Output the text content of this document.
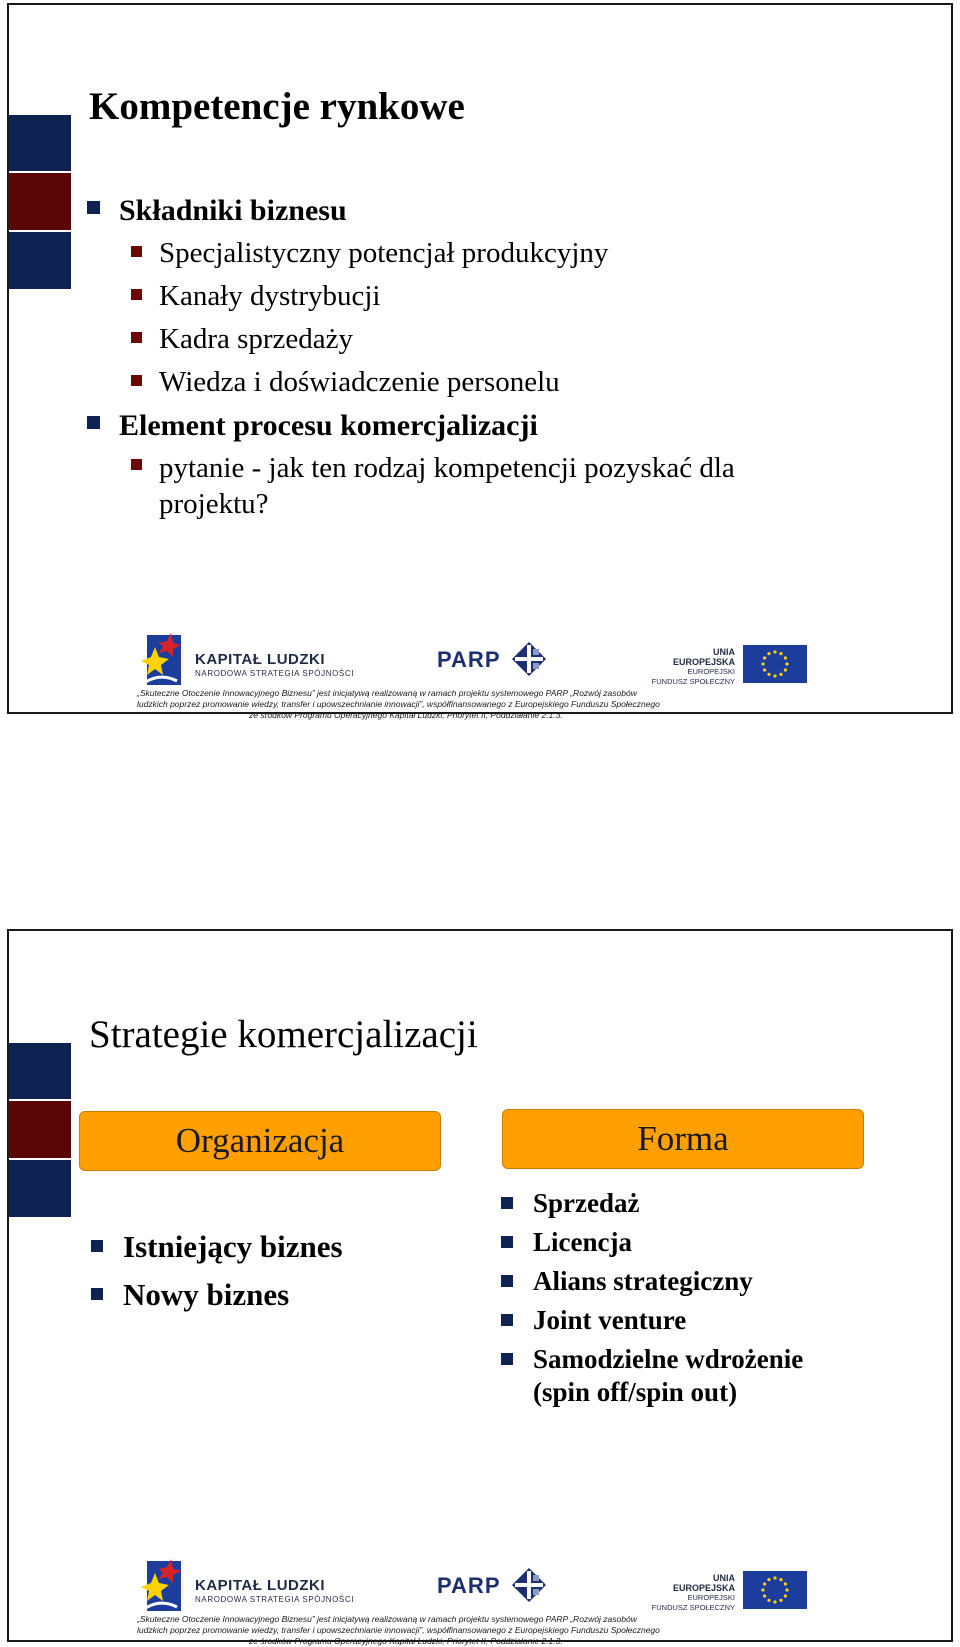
Kompetencje rynkowe
Składniki biznesu
Specjalistyczny potencjał produkcyjny
Kanały dystrybucji
Kadra sprzedaży
Wiedza i doświadczenie personelu
Element procesu komercjalizacji
pytanie - jak ten rodzaj kompetencji pozyskać dla projektu?
KAPITAŁ LUDZKI
NARODOWA STRATEGIA SPÓJNOŚCI
PARP	UNIA EUROPEJSKA
EUROPEJSKI
FUNDUSZ SPOŁECZNY
„Skuteczne Otoczenie Innowacyjnego Biznesu” jest inicjatywą realizowaną w ramach projektu systemowego PARP „Rozwój zasobów
ludzkich poprzez promowanie wiedzy, transfer i upowszechnianie innowacji”, współfinansowanego z Europejskiego Funduszu Społecznego
ze środków Programu Operacyjnego Kapitał Ludzki, Priorytet II, Poddziałanie 2.1.3.
Strategie komercjalizacji
Organizacja	Forma
Istniejący biznes
Nowy biznes
Sprzedaż
Licencja
Alians strategiczny
Joint venture
Samodzielne wdrożenie (spin off/spin out)
KAPITAŁ LUDZKI
NARODOWA STRATEGIA SPÓJNOŚCI
PARP	UNIA EUROPEJSKA
EUROPEJSKI
FUNDUSZ SPOŁECZNY
„Skuteczne Otoczenie Innowacyjnego Biznesu” jest inicjatywą realizowaną w ramach projektu systemowego PARP „Rozwój zasobów
ludzkich poprzez promowanie wiedzy, transfer i upowszechnianie innowacji”, współfinansowanego z Europejskiego Funduszu Społecznego
ze środków Programu Operacyjnego Kapitał Ludzki, Priorytet II, Poddziałanie 2.1.3.
